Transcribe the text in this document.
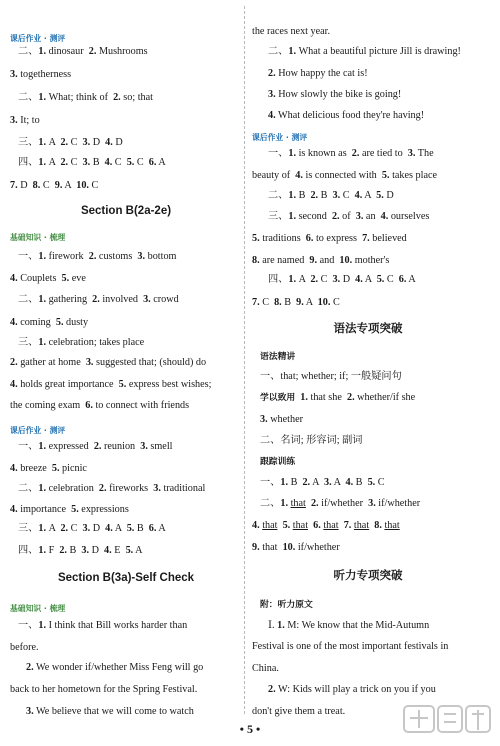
课后作业 · 测评
二、1. dinosaur  2. Mushrooms
3. togetherness
二、1. What; think of  2. so; that
3. It; to
三、1. A  2. C  3. D  4. D
四、1. A  2. C  3. B  4. C  5. C  6. A
7. D  8. C  9. A  10. C
Section B(2a-2e)
基础知识 · 梳理
一、1. firework  2. customs  3. bottom
4. Couplets  5. eve
二、1. gathering  2. involved  3. crowd
4. coming  5. dusty
三、1. celebration; takes place
2. gather at home  3. suggested that; (should) do
4. holds great importance  5. express best wishes;
the coming exam  6. to connect with friends
课后作业 · 测评
一、1. expressed  2. reunion  3. smell
4. breeze  5. picnic
二、1. celebration  2. fireworks  3. traditional
4. importance  5. expressions
三、1. A  2. C  3. D  4. A  5. B  6. A
四、1. F  2. B  3. D  4. E  5. A
Section B(3a)-Self Check
基础知识 · 梳理
一、1. I think that Bill works harder than
before.
2. We wonder if/whether Miss Feng will go
back to her hometown for the Spring Festival.
3. We believe that we will come to watch
the races next year.
二、1. What a beautiful picture Jill is drawing!
2. How happy the cat is!
3. How slowly the bike is going!
4. What delicious food they're having!
课后作业 · 测评
一、1. is known as  2. are tied to  3. The
beauty of  4. is connected with  5. takes place
二、1. B  2. B  3. C  4. A  5. D
三、1. second  2. of  3. an  4. ourselves
5. traditions  6. to express  7. believed
8. are named  9. and  10. mother's
四、1. A  2. C  3. D  4. A  5. C  6. A
7. C  8. B  9. A  10. C
语法专项突破
语法精讲
一、that; whether; if; 一般疑问句
学以致用 1. that she  2. whether/if she
3. whether
二、名词; 形容词; 副词
跟踪训练
一、1. B  2. A  3. A  4. B  5. C
二、1. that 2. if/whether  3. if/whether
4. that 5. that 6. that 7. that 8. that
9. that  10. if/whether
听力专项突破
附：听力原文
Ⅰ. 1. M: We know that the Mid-Autumn
Festival is one of the most important festivals in
China.
2. W: Kids will play a trick on you if you
don't give them a treat.
• 5 •
